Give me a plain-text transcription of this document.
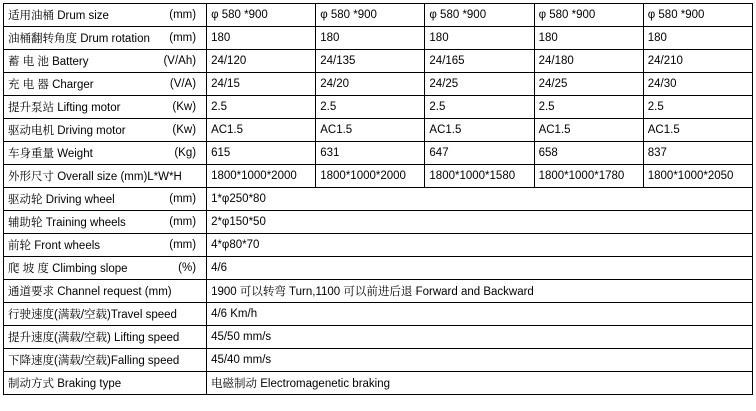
适用油桶 Drum size (mm)	φ 580 *900	φ 580 *900	φ 580 *900	φ 580 *900	φ 580 *900

油桶翻转角度 Drum rotation (mm)	180	180	180	180	180

蓄 电 池 Battery (V/Ah)	24/120	24/135	24/165	24/180	24/210

充 电 器 Charger (V/A)	24/15	24/20	24/25	24/25	24/30

提升泵站 Lifting motor (Kw)	2.5	2.5	2.5	2.5	2.5

驱动电机 Driving motor (Kw)	AC1.5	AC1.5	AC1.5	AC1.5	AC1.5

车身重量 Weight (Kg)	615	631	647	658	837

外形尺寸 Overall size (mm)L*W*H	1800*1000*2000	1800*1000*2000	1800*1000*1580	1800*1000*1780	1800*1000*2050

驱动轮 Driving wheel (mm)	1*φ250*80				

辅助轮 Training wheels (mm)	2*φ150*50				

前轮 Front wheels (mm)	4*φ80*70				

爬 坡 度 Climbing slope (%)	4/6				

通道要求 Channel request (mm)	1900 可以转弯 Turn,1100 可以前进后退 Forward and Backward				

行驶速度(满载/空载)Travel speed	4/6 Km/h				

提升速度(满载/空载) Lifting speed	45/50 mm/s				

下降速度(满载/空载)Falling speed	45/40 mm/s				

制动方式 Braking type	电磁制动 Electromagenetic braking				
